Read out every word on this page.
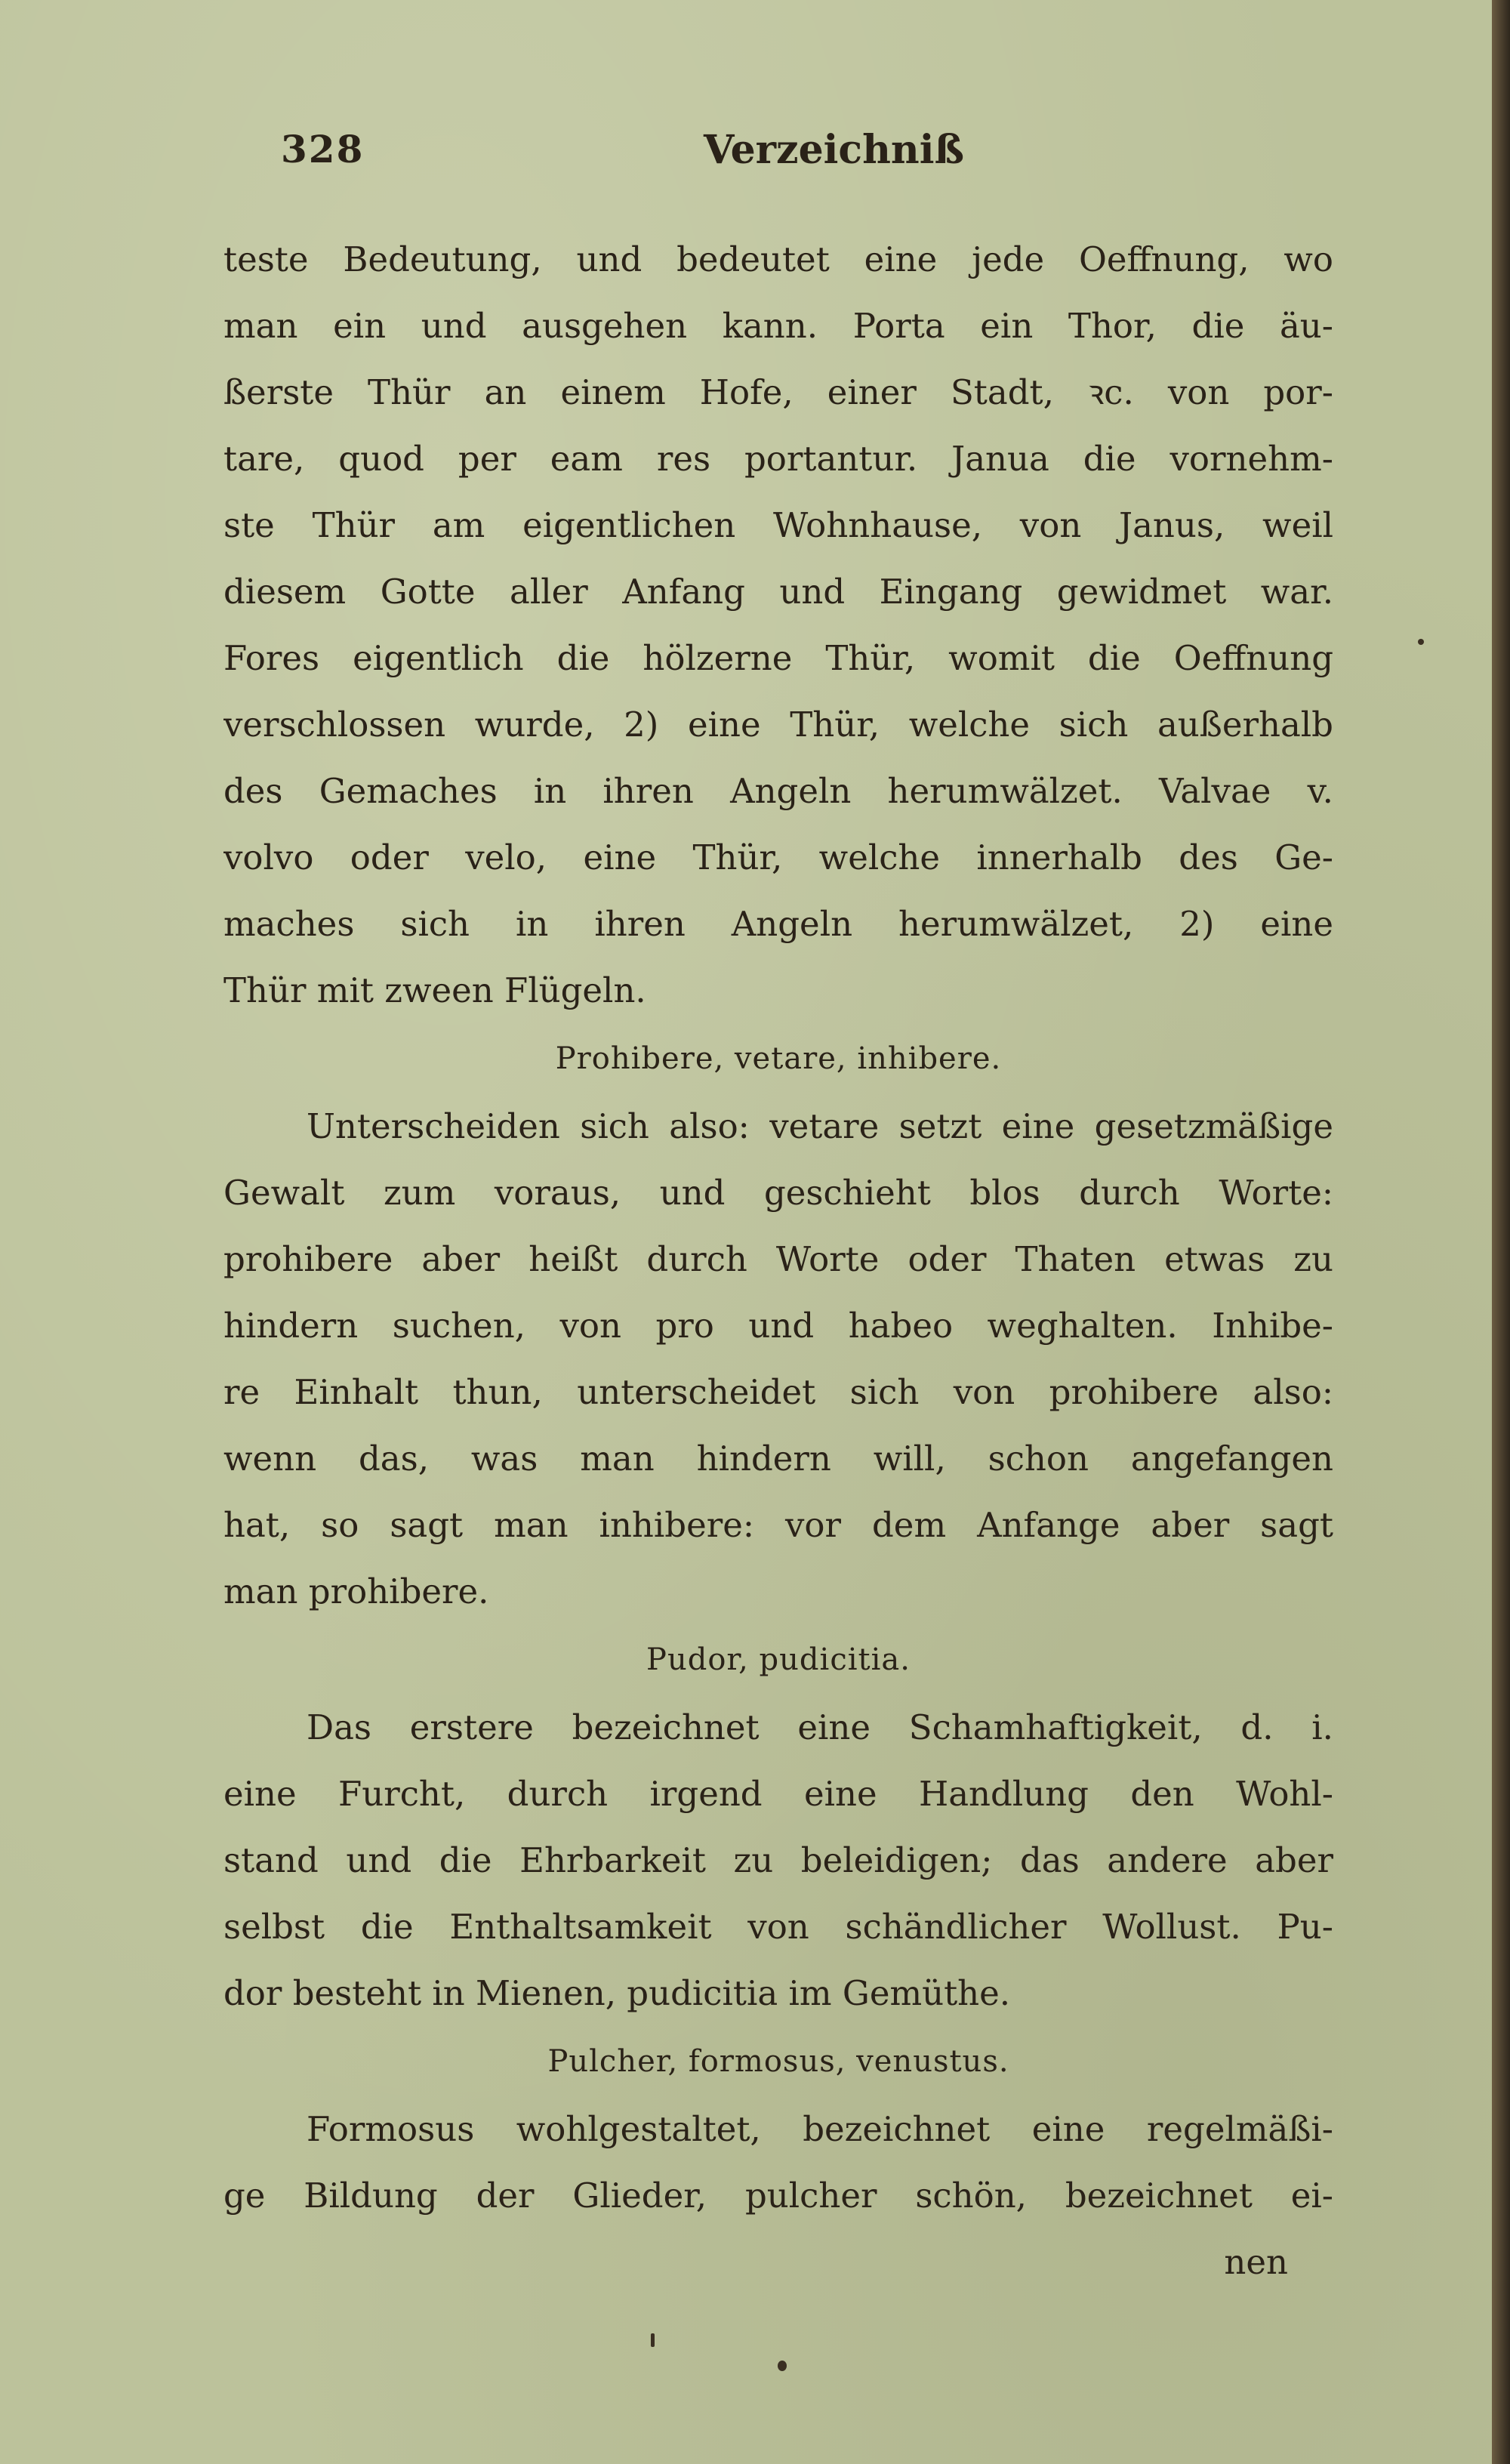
328	Verzeichniß
teste Bedeutung, und bedeutet eine jede Oeffnung, wo
man ein und ausgehen kann. Porta ein Thor, die äu-
ßerste Thür an einem Hofe, einer Stadt, ꝛc. von por-
tare, quod per eam res portantur. Janua die vornehm-
ste Thür am eigentlichen Wohnhause, von Janus, weil
diesem Gotte aller Anfang und Eingang gewidmet war.
Fores eigentlich die hölzerne Thür, womit die Oeffnung
verschlossen wurde, 2) eine Thür, welche sich außerhalb
des Gemaches in ihren Angeln herumwälzet. Valvae v.
volvo oder velo, eine Thür, welche innerhalb des Ge-
maches sich in ihren Angeln herumwälzet, 2) eine
Thür mit zween Flügeln.
Prohibere, vetare, inhibere.
Unterscheiden sich also: vetare setzt eine gesetzmäßige
Gewalt zum voraus, und geschieht blos durch Worte:
prohibere aber heißt durch Worte oder Thaten etwas zu
hindern suchen, von pro und habeo weghalten. Inhibe-
re Einhalt thun, unterscheidet sich von prohibere also:
wenn das, was man hindern will, schon angefangen
hat, so sagt man inhibere: vor dem Anfange aber sagt
man prohibere.
Pudor, pudicitia.
Das erstere bezeichnet eine Schamhaftigkeit, d. i.
eine Furcht, durch irgend eine Handlung den Wohl-
stand und die Ehrbarkeit zu beleidigen; das andere aber
selbst die Enthaltsamkeit von schändlicher Wollust. Pu-
dor besteht in Mienen, pudicitia im Gemüthe.
Pulcher, formosus, venustus.
Formosus wohlgestaltet, bezeichnet eine regelmäßi-
ge Bildung der Glieder, pulcher schön, bezeichnet ei-
nen
